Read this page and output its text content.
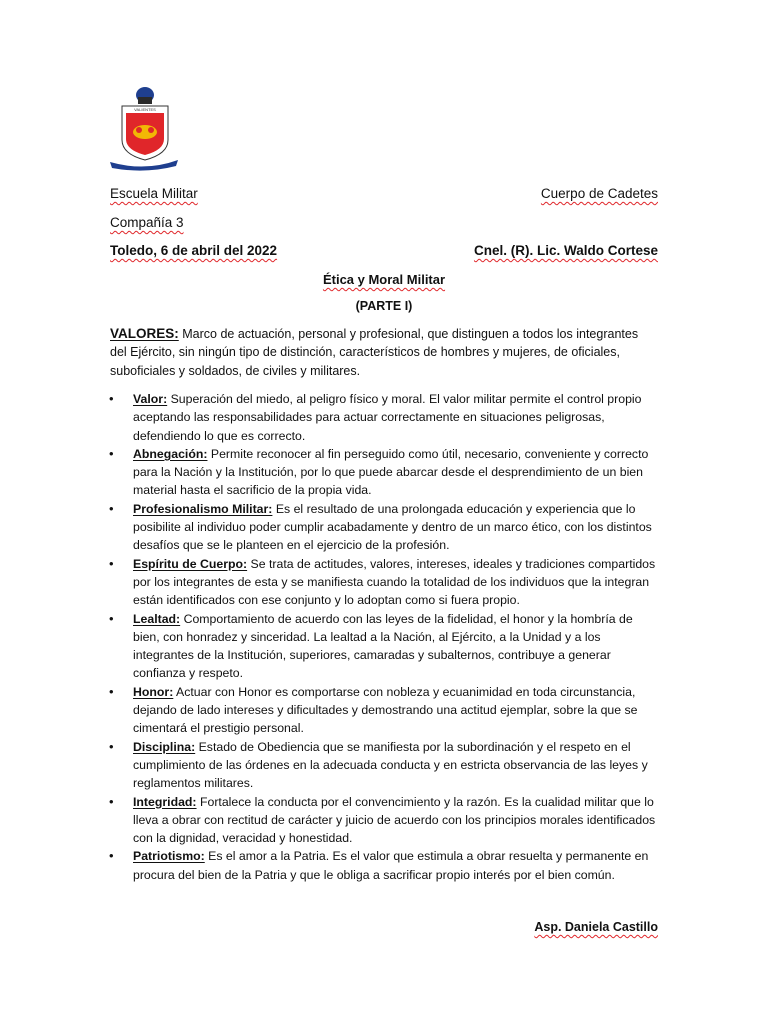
VALIENTES
Escuela Militar	Cuerpo de Cadetes
Compañía 3
Toledo, 6 de abril del 2022	Cnel. (R). Lic. Waldo Cortese
Ética y Moral Militar
(PARTE I)
VALORES: Marco de actuación, personal y profesional, que distinguen a todos los integrantes del Ejército, sin ningún tipo de distinción, característicos de hombres y mujeres, de oficiales, suboficiales y soldados, de civiles y militares.
• Valor: Superación del miedo, al peligro físico y moral. El valor militar permite el control propio aceptando las responsabilidades para actuar correctamente en situaciones peligrosas, defendiendo lo que es correcto.
• Abnegación: Permite reconocer al fin perseguido como útil, necesario, conveniente y correcto para la Nación y la Institución, por lo que puede abarcar desde el desprendimiento de un bien material hasta el sacrificio de la propia vida.
• Profesionalismo Militar: Es el resultado de una prolongada educación y experiencia que lo posibilite al individuo poder cumplir acabadamente y dentro de un marco ético, con los distintos desafíos que se le planteen en el ejercicio de la profesión.
• Espíritu de Cuerpo: Se trata de actitudes, valores, intereses, ideales y tradiciones compartidos por los integrantes de esta y se manifiesta cuando la totalidad de los individuos que la integran están identificados con ese conjunto y lo adoptan como si fuera propio.
• Lealtad: Comportamiento de acuerdo con las leyes de la fidelidad, el honor y la hombría de bien, con honradez y sinceridad. La lealtad a la Nación, al Ejército, a la Unidad y a los integrantes de la Institución, superiores, camaradas y subalternos, contribuye a generar confianza y respeto.
• Honor: Actuar con Honor es comportarse con nobleza y ecuanimidad en toda circunstancia, dejando de lado intereses y dificultades y demostrando una actitud ejemplar, sobre la que se cimentará el prestigio personal.
• Disciplina: Estado de Obediencia que se manifiesta por la subordinación y el respeto en el cumplimiento de las órdenes en la adecuada conducta y en estricta observancia de las leyes y reglamentos militares.
• Integridad: Fortalece la conducta por el convencimiento y la razón. Es la cualidad militar que lo lleva a obrar con rectitud de carácter y juicio de acuerdo con los principios morales identificados con la dignidad, veracidad y honestidad.
• Patriotismo: Es el amor a la Patria. Es el valor que estimula a obrar resuelta y permanente en procura del bien de la Patria y que le obliga a sacrificar propio interés por el bien común.
Asp. Daniela Castillo
